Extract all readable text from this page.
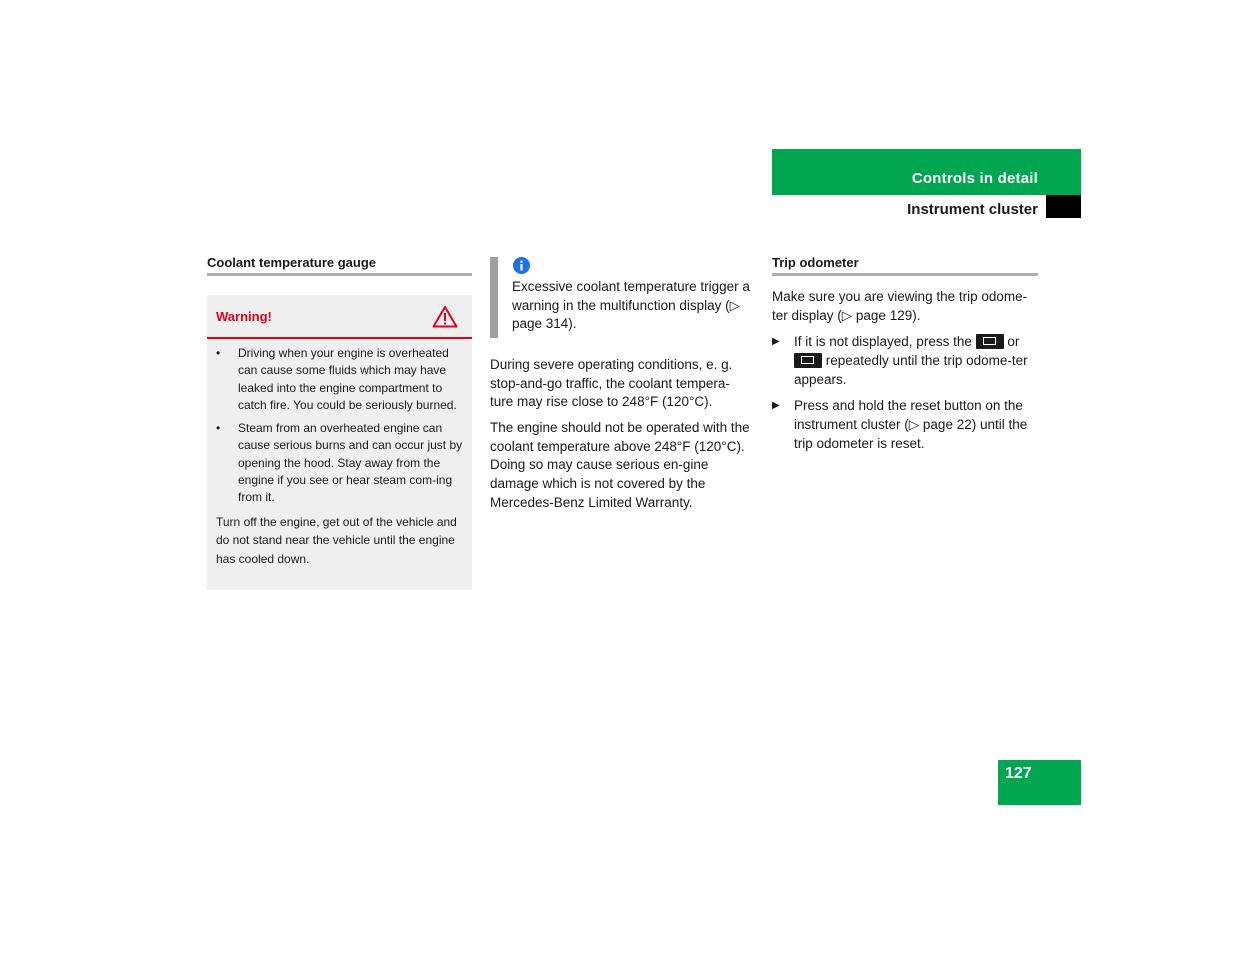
Controls in detail
Instrument cluster
Coolant temperature gauge
Warning!
• Driving when your engine is overheated can cause some fluids which may have leaked into the engine compartment to catch fire. You could be seriously burned.
• Steam from an overheated engine can cause serious burns and can occur just by opening the hood. Stay away from the engine if you see or hear steam com-ing from it.
Turn off the engine, get out of the vehicle and do not stand near the vehicle until the engine has cooled down.
Excessive coolant temperature trigger a warning in the multifunction display (▷ page 314).
During severe operating conditions, e. g. stop-and-go traffic, the coolant tempera-ture may rise close to 248°F (120°C).
The engine should not be operated with the coolant temperature above 248°F (120°C). Doing so may cause serious en-gine damage which is not covered by the Mercedes-Benz Limited Warranty.
Trip odometer
Make sure you are viewing the trip odome-ter display (▷ page 129).
▶ If it is not displayed, press the	or
repeatedly until the trip odome-ter appears.
▶ Press and hold the reset button on the instrument cluster (▷ page 22) until the trip odometer is reset.
127
